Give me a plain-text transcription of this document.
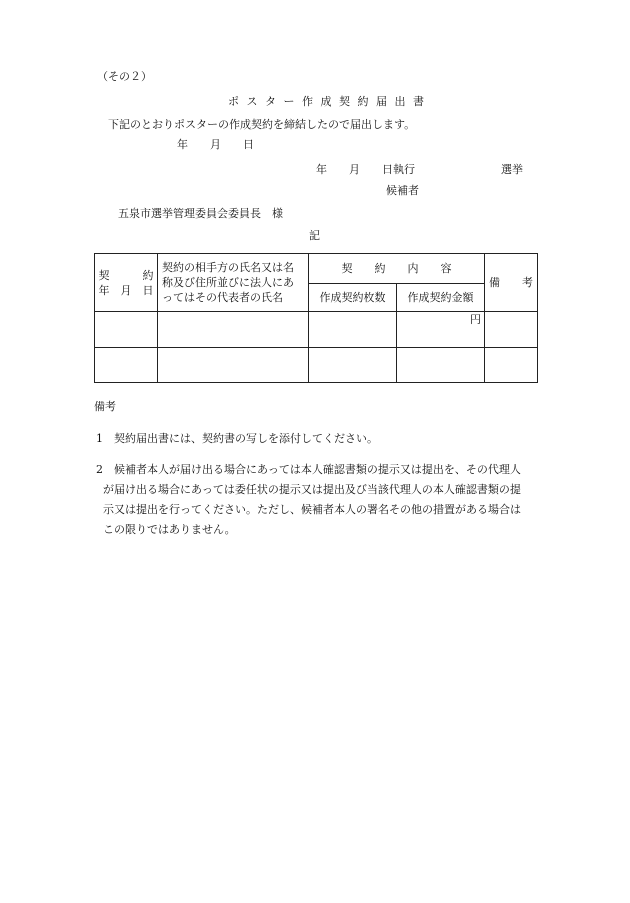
（その２）
ポ ス タ ー 作 成 契 約 届 出 書
下記のとおりポスターの作成契約を締結したので届出します。
年　　月　　日
年　　月　　日執行	選挙
候補者
五泉市選挙管理委員会委員長　様
記
契　　　約
年　月　日	契約の相手方の氏名又は名称及び住所並びに法人にあってはその代表者の氏名	契　　約　　内　　容		備　　考
		作成契約枚数	作成契約金額	
			円	

備考
1　契約届出書には、契約書の写しを添付してください。
2　候補者本人が届け出る場合にあっては本人確認書類の提示又は提出を、その代理人
が届け出る場合にあっては委任状の提示又は提出及び当該代理人の本人確認書類の提
示又は提出を行ってください。ただし、候補者本人の署名その他の措置がある場合は
この限りではありません。
